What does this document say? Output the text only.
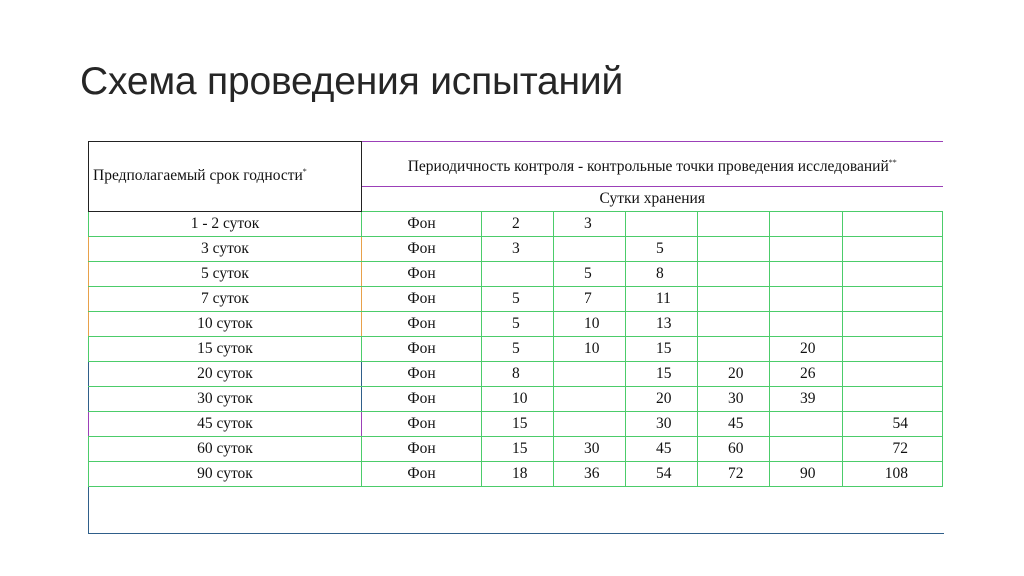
Схема проведения испытаний
Предполагаемый срок годности*	Периодичность контроля - контрольные точки проведения исследований**
	Сутки хранения						
1 - 2 суток	Фон	2	3				
3 суток	Фон	3		5			
5 суток	Фон		5	8			
7 суток	Фон	5	7	11			
10 суток	Фон	5	10	13			
15 суток	Фон	5	10	15		20	
20 суток	Фон	8		15	20	26	
30 суток	Фон	10		20	30	39	
45 суток	Фон	15		30	45		54
60 суток	Фон	15	30	45	60		72
90 суток	Фон	18	36	54	72	90	108
